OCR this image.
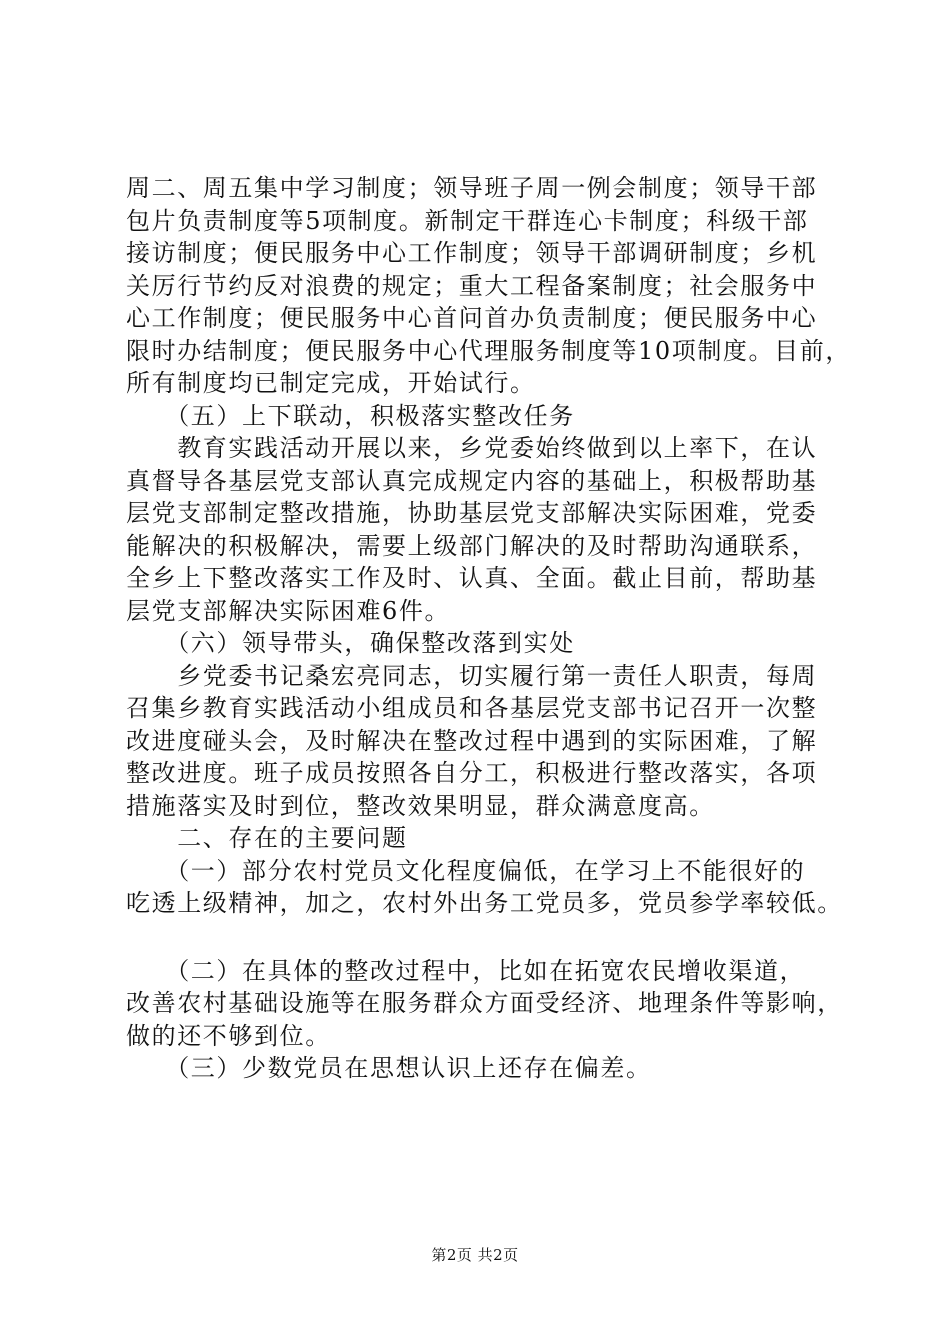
周二、周五集中学习制度；领导班子周一例会制度；领导干部
包片负责制度等5项制度。新制定干群连心卡制度；科级干部
接访制度；便民服务中心工作制度；领导干部调研制度；乡机
关厉行节约反对浪费的规定；重大工程备案制度；社会服务中
心工作制度；便民服务中心首问首办负责制度；便民服务中心
限时办结制度；便民服务中心代理服务制度等10项制度。目前，
所有制度均已制定完成，开始试行。
　　（五）上下联动，积极落实整改任务
　　教育实践活动开展以来，乡党委始终做到以上率下，在认
真督导各基层党支部认真完成规定内容的基础上，积极帮助基
层党支部制定整改措施，协助基层党支部解决实际困难，党委
能解决的积极解决，需要上级部门解决的及时帮助沟通联系，
全乡上下整改落实工作及时、认真、全面。截止目前，帮助基
层党支部解决实际困难6件。
　　（六）领导带头，确保整改落到实处
　　乡党委书记桑宏亮同志，切实履行第一责任人职责，每周
召集乡教育实践活动小组成员和各基层党支部书记召开一次整
改进度碰头会，及时解决在整改过程中遇到的实际困难，了解
整改进度。班子成员按照各自分工，积极进行整改落实，各项
措施落实及时到位，整改效果明显，群众满意度高。
　　二、存在的主要问题
　　（一）部分农村党员文化程度偏低，在学习上不能很好的
吃透上级精神，加之，农村外出务工党员多，党员参学率较低。
　　（二）在具体的整改过程中，比如在拓宽农民增收渠道，
改善农村基础设施等在服务群众方面受经济、地理条件等影响，
做的还不够到位。
　　（三）少数党员在思想认识上还存在偏差。
第2页 共2页
